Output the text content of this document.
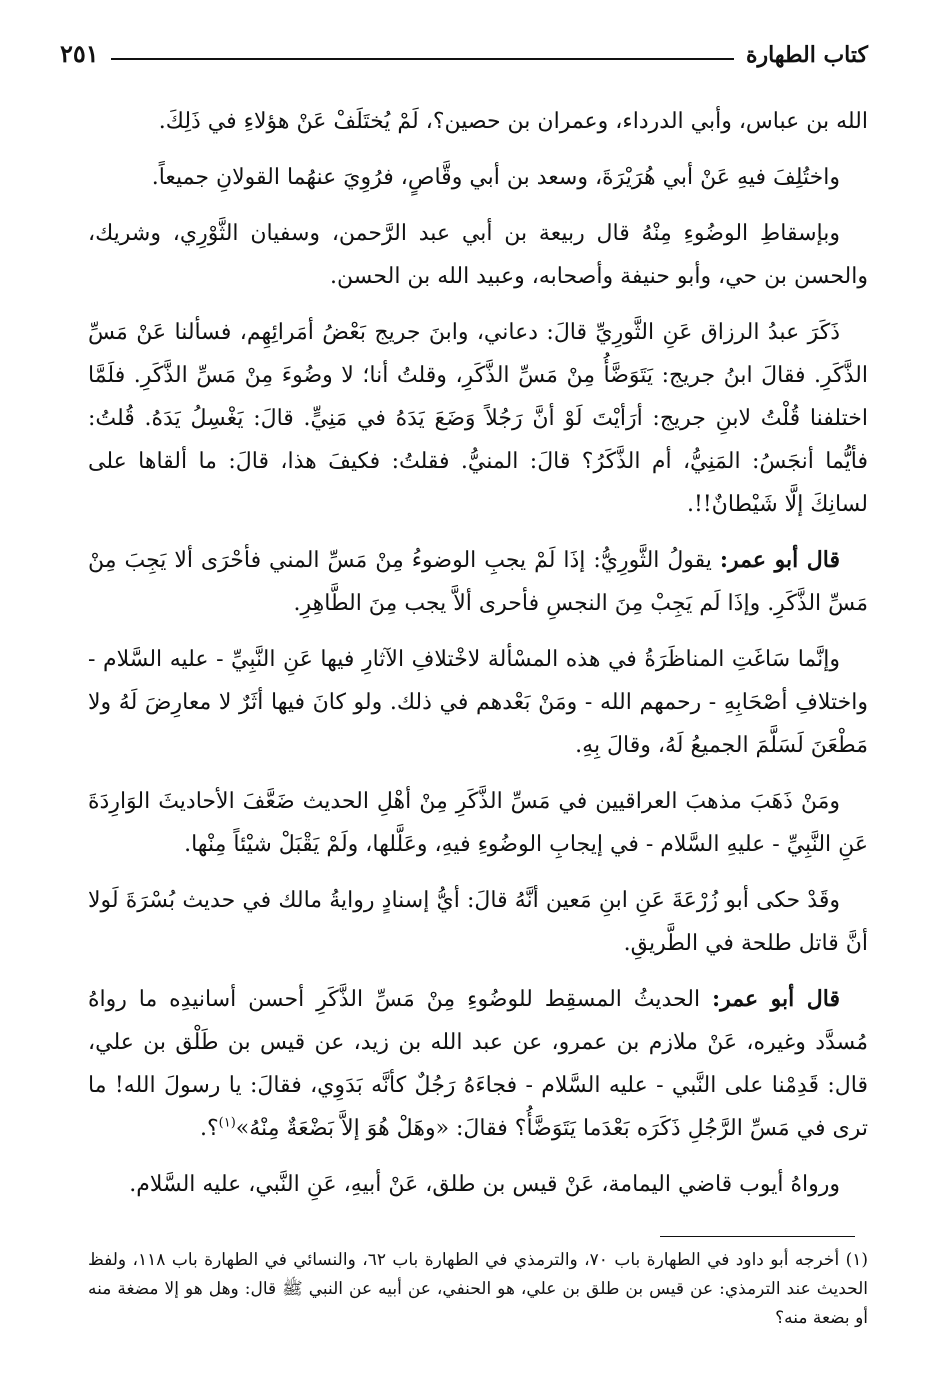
كتاب الطهارة
٢٥١

الله بن عباس، وأبي الدرداء، وعمران بن حصين؟، لَمْ يُختَلَفْ عَنْ هؤلاءِ في ذَلِكَ.

واختُلِفَ فيهِ عَنْ أبي هُرَيْرَةَ، وسعد بن أبي وقَّاصٍ، فرُوِيَ عنهُما القولانِ جميعاً.

وبإسقاطِ الوضُوءِ مِنْهُ قال ربيعة بن أبي عبد الرَّحمن، وسفيان الثَّوْرِي، وشريك، والحسن بن حي، وأبو حنيفة وأصحابه، وعبيد الله بن الحسن.

ذَكَرَ عبدُ الرزاق عَنِ الثَّورِيِّ قالَ: دعاني، وابنَ جريج بَعْضُ أمَرائِهِم، فسألنا عَنْ مَسِّ الذَّكَرِ. فقالَ ابنُ جريج: يَتَوَضَّأُ مِنْ مَسِّ الذَّكَرِ، وقلتُ أنا؛ لا وضُوءَ مِنْ مَسِّ الذَّكَرِ. فلَمَّا اختلفنا قُلْتُ لابنِ جريج: أرَأيْتَ لَوْ أنَّ رَجُلاً وَضَعَ يَدَهُ في مَنِيٍّ. قالَ: يَغْسِلُ يَدَهُ. قُلتُ: فأيُّما أنجَسُ: المَنِيُّ، أم الذَّكَرُ؟ قالَ: المنيُّ. فقلتُ: فكيفَ هذا، قالَ: ما ألقاها على لسانِكَ إلَّا شَيْطانٌ!!.

قال أبو عمر: يقولُ الثَّورِيُّ: إذَا لَمْ يجبِ الوضوءُ مِنْ مَسِّ المني فأحْرَى ألا يَجِبَ مِنْ مَسِّ الذَّكَرِ. وإذَا لَم يَجِبْ مِنَ النجسِ فأحرى ألاَّ يجب مِنَ الطَّاهِرِ.

وإنَّما سَاغَتِ المناظَرَةُ في هذه المسْألة لاخْتلافِ الآثارِ فيها عَنِ النَّبِيِّ - عليه السَّلام - واختلافِ أصْحَابِهِ - رحمهم الله - ومَنْ بَعْدهم في ذلك. ولو كانَ فيها أثَرٌ لا معارِضَ لَهُ ولا مَطْعَنَ لَسَلَّمَ الجميعُ لَهُ، وقالَ بِهِ.

ومَنْ ذَهَبَ مذهبَ العراقيين في مَسِّ الذَّكَرِ مِنْ أهْلِ الحديث ضَعَّفَ الأحاديثَ الوَارِدَةَ عَنِ النَّبِيِّ - عليهِ السَّلام - في إيجابِ الوضُوءِ فيهِ، وعَلَّلها، ولَمْ يَقْبَلْ شيْئاً مِنْها.

وقَدْ حكى أبو زُرْعَةَ عَنِ ابنِ مَعين أنَّهُ قالَ: أيُّ إسنادٍ روايةُ مالك في حديث بُسْرَةَ لَولا أنَّ قاتل طلحة في الطَّريقِ.

قال أبو عمر: الحديثُ المسقِط للوضُوءِ مِنْ مَسِّ الذَّكَرِ أحسن أسانيدِه ما رواهُ مُسدَّد وغيره، عَنْ ملازم بن عمرو، عن عبد الله بن زيد، عن قيس بن طَلْق بن علي، قال: قَدِمْنا على النَّبي - عليه السَّلام - فجاءَهُ رَجُلٌ كأنَّه بَدَوِي، فقالَ: يا رسولَ الله! ما ترى في مَسِّ الرَّجُلِ ذَكَرَه بَعْدَما يَتَوَضَّأُ؟ فقالَ: «وهَلْ هُوَ إلاَّ بَضْعَةٌ مِنْهُ»$^{(١)}$؟.

ورواهُ أيوب قاضي اليمامة، عَنْ قيس بن طلق، عَنْ أبيهِ، عَنِ النَّبي، عليه السَّلام.

(١) أخرجه أبو داود في الطهارة باب ٧٠، والترمذي في الطهارة باب ٦٢، والنسائي في الطهارة باب ١١٨، ولفظ الحديث عند الترمذي: عن قيس بن طلق بن علي، هو الحنفي، عن أبيه عن النبي ﷺ قال: وهل هو إلا مضغة منه أو بضعة منه؟
